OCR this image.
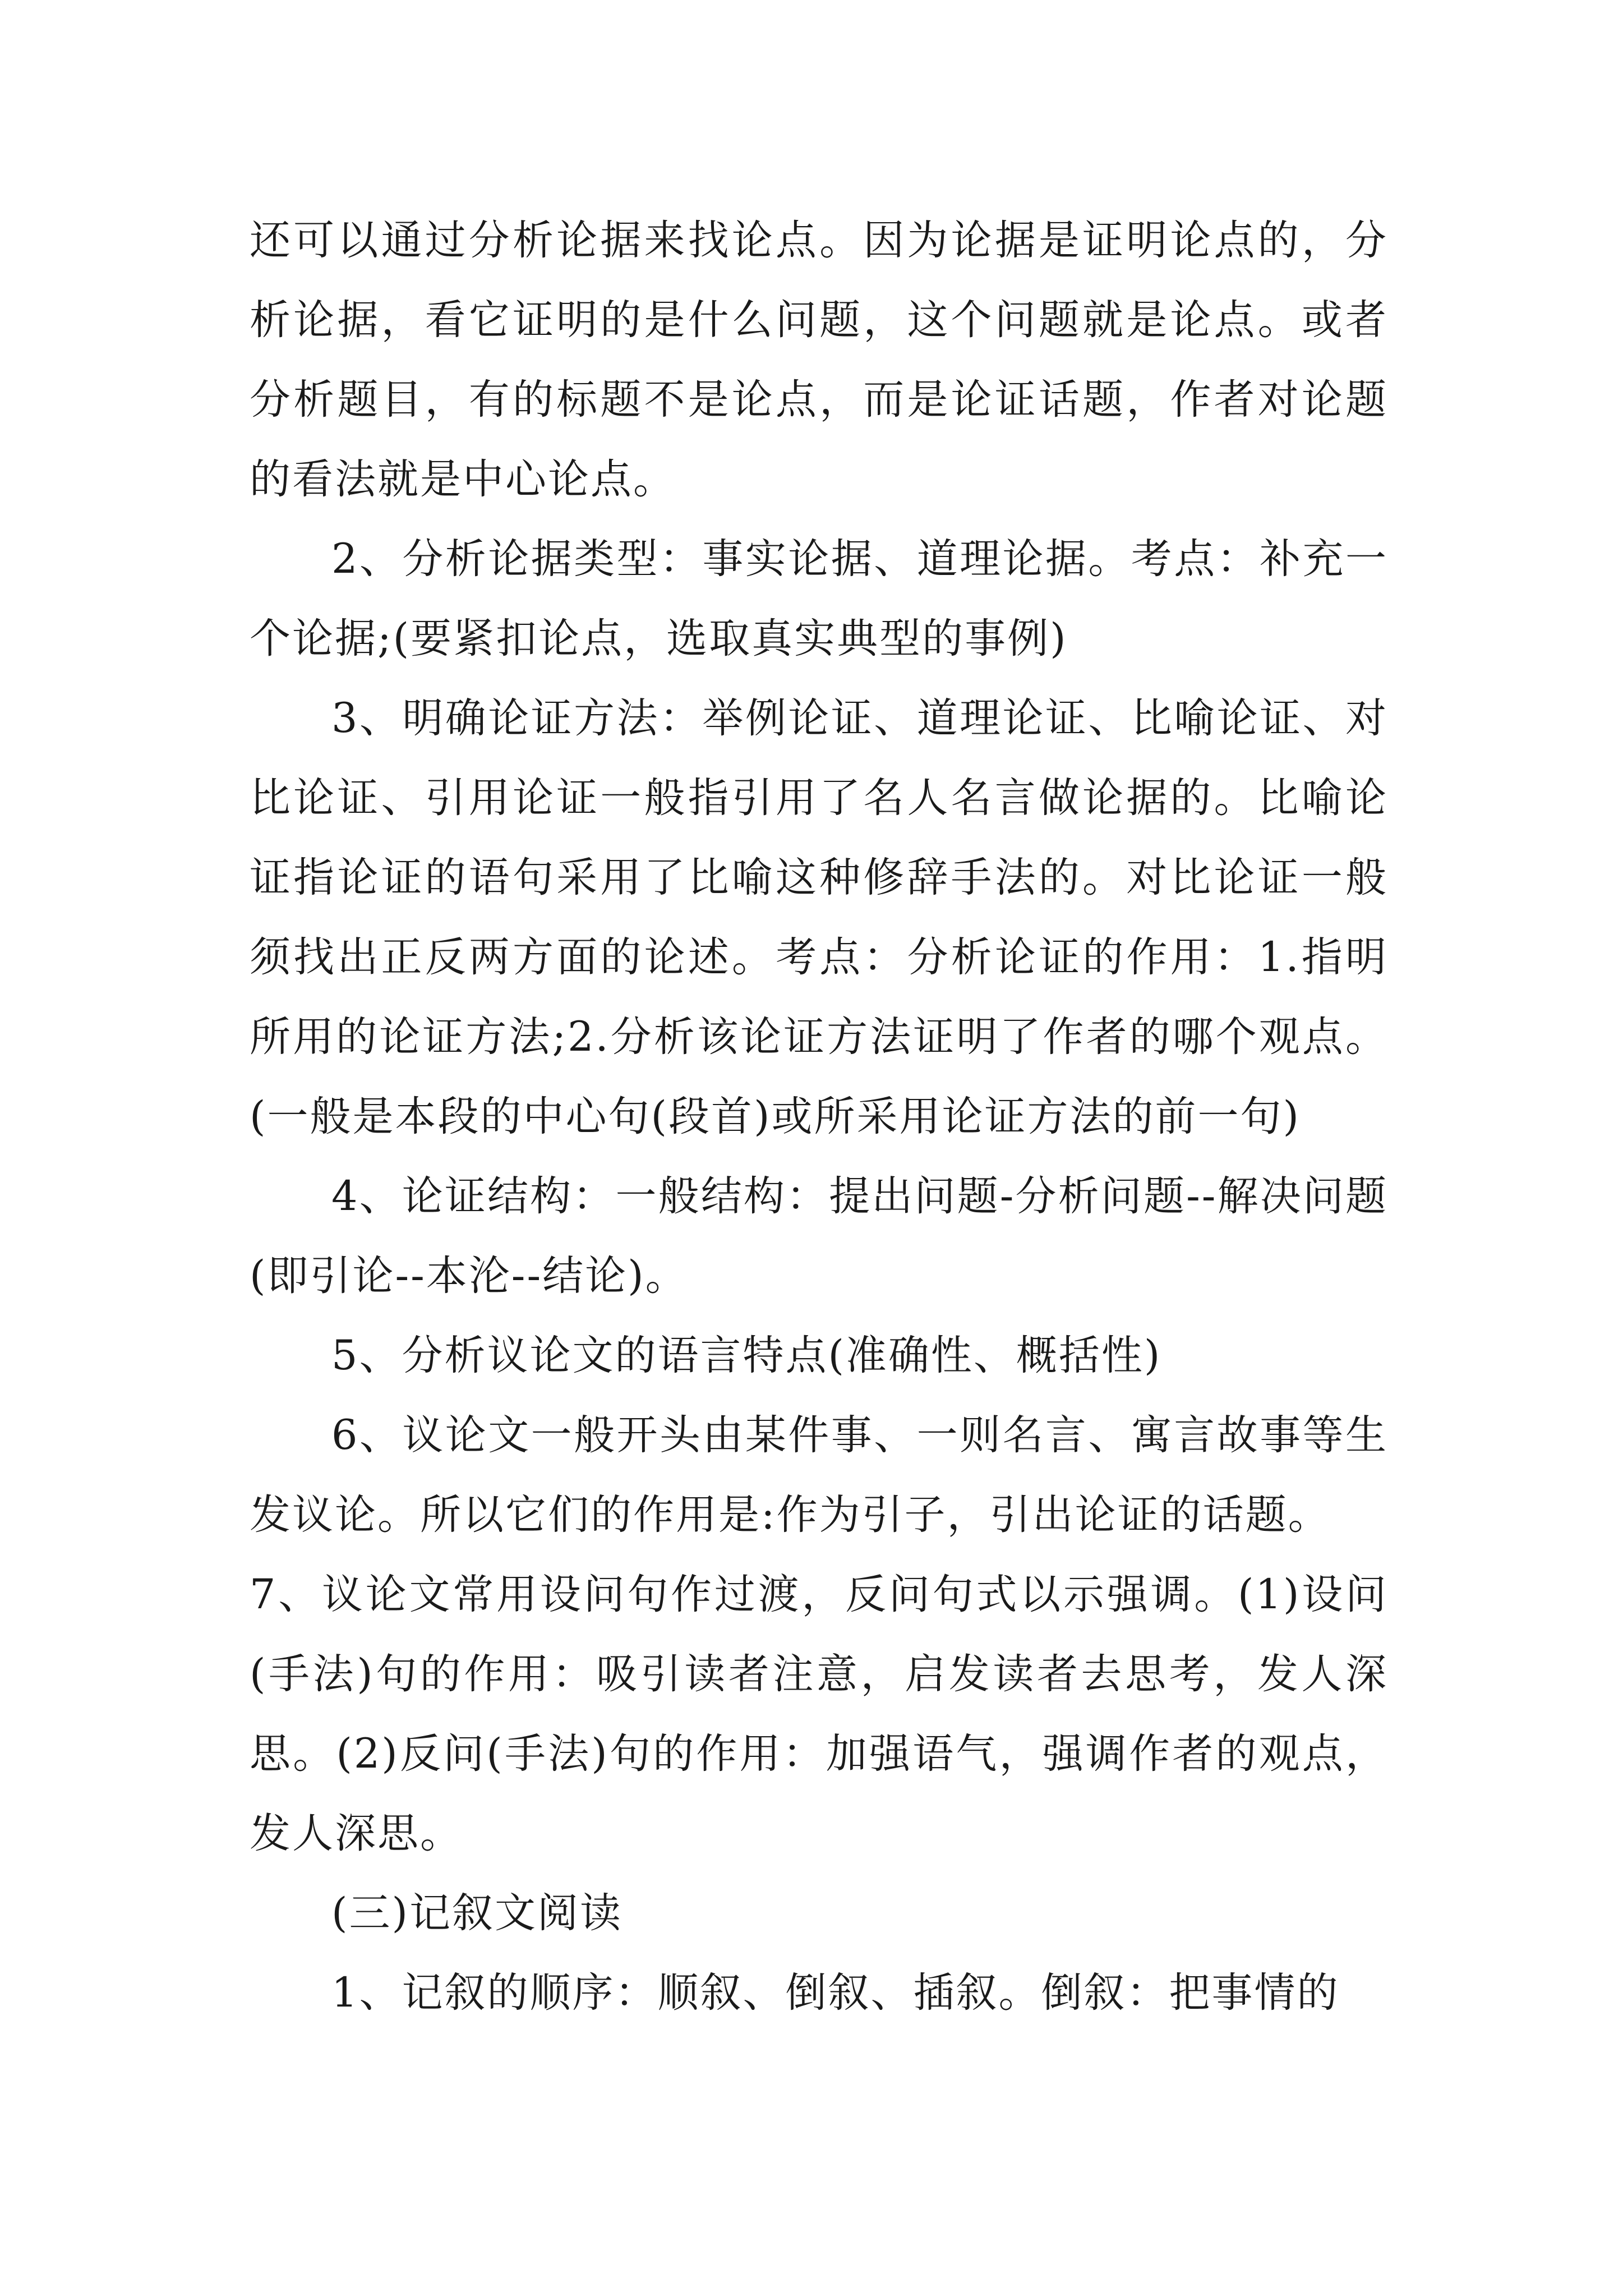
还可以通过分析论据来找论点。因为论据是证明论点的，分析论据，看它证明的是什么问题，这个问题就是论点。或者分析题目，有的标题不是论点，而是论证话题，作者对论题的看法就是中心论点。

2、分析论据类型：事实论据、道理论据。考点：补充一个论据;(要紧扣论点，选取真实典型的事例)

3、明确论证方法：举例论证、道理论证、比喻论证、对比论证、引用论证一般指引用了名人名言做论据的。比喻论证指论证的语句采用了比喻这种修辞手法的。对比论证一般须找出正反两方面的论述。考点：分析论证的作用：1.指明所用的论证方法;2.分析该论证方法证明了作者的哪个观点。(一般是本段的中心句(段首)或所采用论证方法的前一句)

4、论证结构：一般结构：提出问题-分析问题--解决问题(即引论--本沦--结论)。

5、分析议论文的语言特点(准确性、概括性)

6、议论文一般开头由某件事、一则名言、寓言故事等生发议论。所以它们的作用是:作为引子，引出论证的话题。

7、议论文常用设问句作过渡，反问句式以示强调。(1)设问(手法)句的作用：吸引读者注意，启发读者去思考，发人深思。(2)反问(手法)句的作用：加强语气，强调作者的观点，发人深思。

(三)记叙文阅读

1、记叙的顺序：顺叙、倒叙、插叙。倒叙：把事情的
